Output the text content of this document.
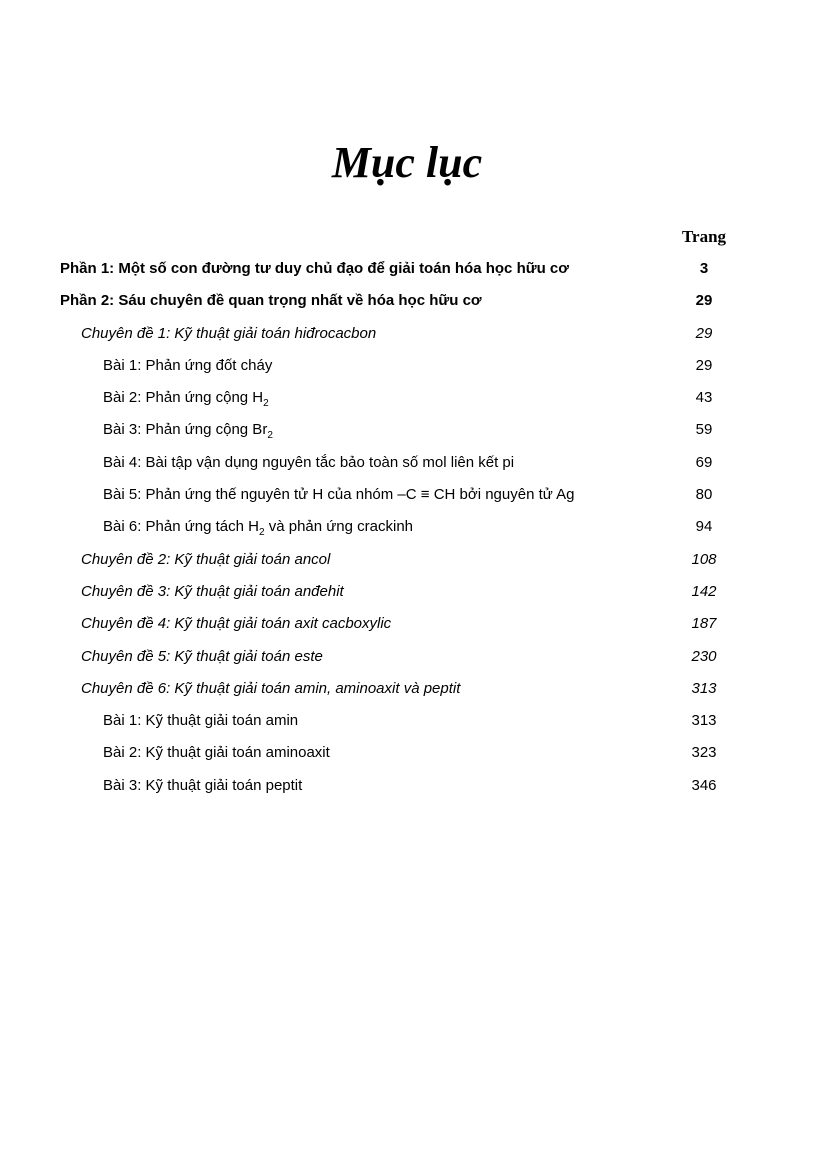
Mục lục
Trang
Phần 1: Một số con đường tư duy chủ đạo để giải toán hóa học hữu cơ	3
Phần 2: Sáu chuyên đề quan trọng nhất về hóa học hữu cơ	29
Chuyên đề 1: Kỹ thuật giải toán hiđrocacbon	29
Bài 1: Phản ứng đốt cháy	29
Bài 2: Phản ứng cộng $H_2$	43
Bài 3: Phản ứng cộng $Br_2$	59
Bài 4: Bài tập vận dụng nguyên tắc bảo toàn số mol liên kết pi	69
Bài 5: Phản ứng thế nguyên tử H của nhóm –C ≡ CH bởi nguyên tử Ag	80
Bài 6: Phản ứng tách $H_2$ và phản ứng crackinh	94
Chuyên đề 2: Kỹ thuật giải toán ancol	108
Chuyên đề 3: Kỹ thuật giải toán anđehit	142
Chuyên đề 4: Kỹ thuật giải toán axit cacboxylic	187
Chuyên đề 5: Kỹ thuật giải toán este	230
Chuyên đề 6: Kỹ thuật giải toán amin, aminoaxit và peptit	313
Bài 1: Kỹ thuật giải toán amin	313
Bài 2: Kỹ thuật giải toán aminoaxit	323
Bài 3: Kỹ thuật giải toán peptit	346
